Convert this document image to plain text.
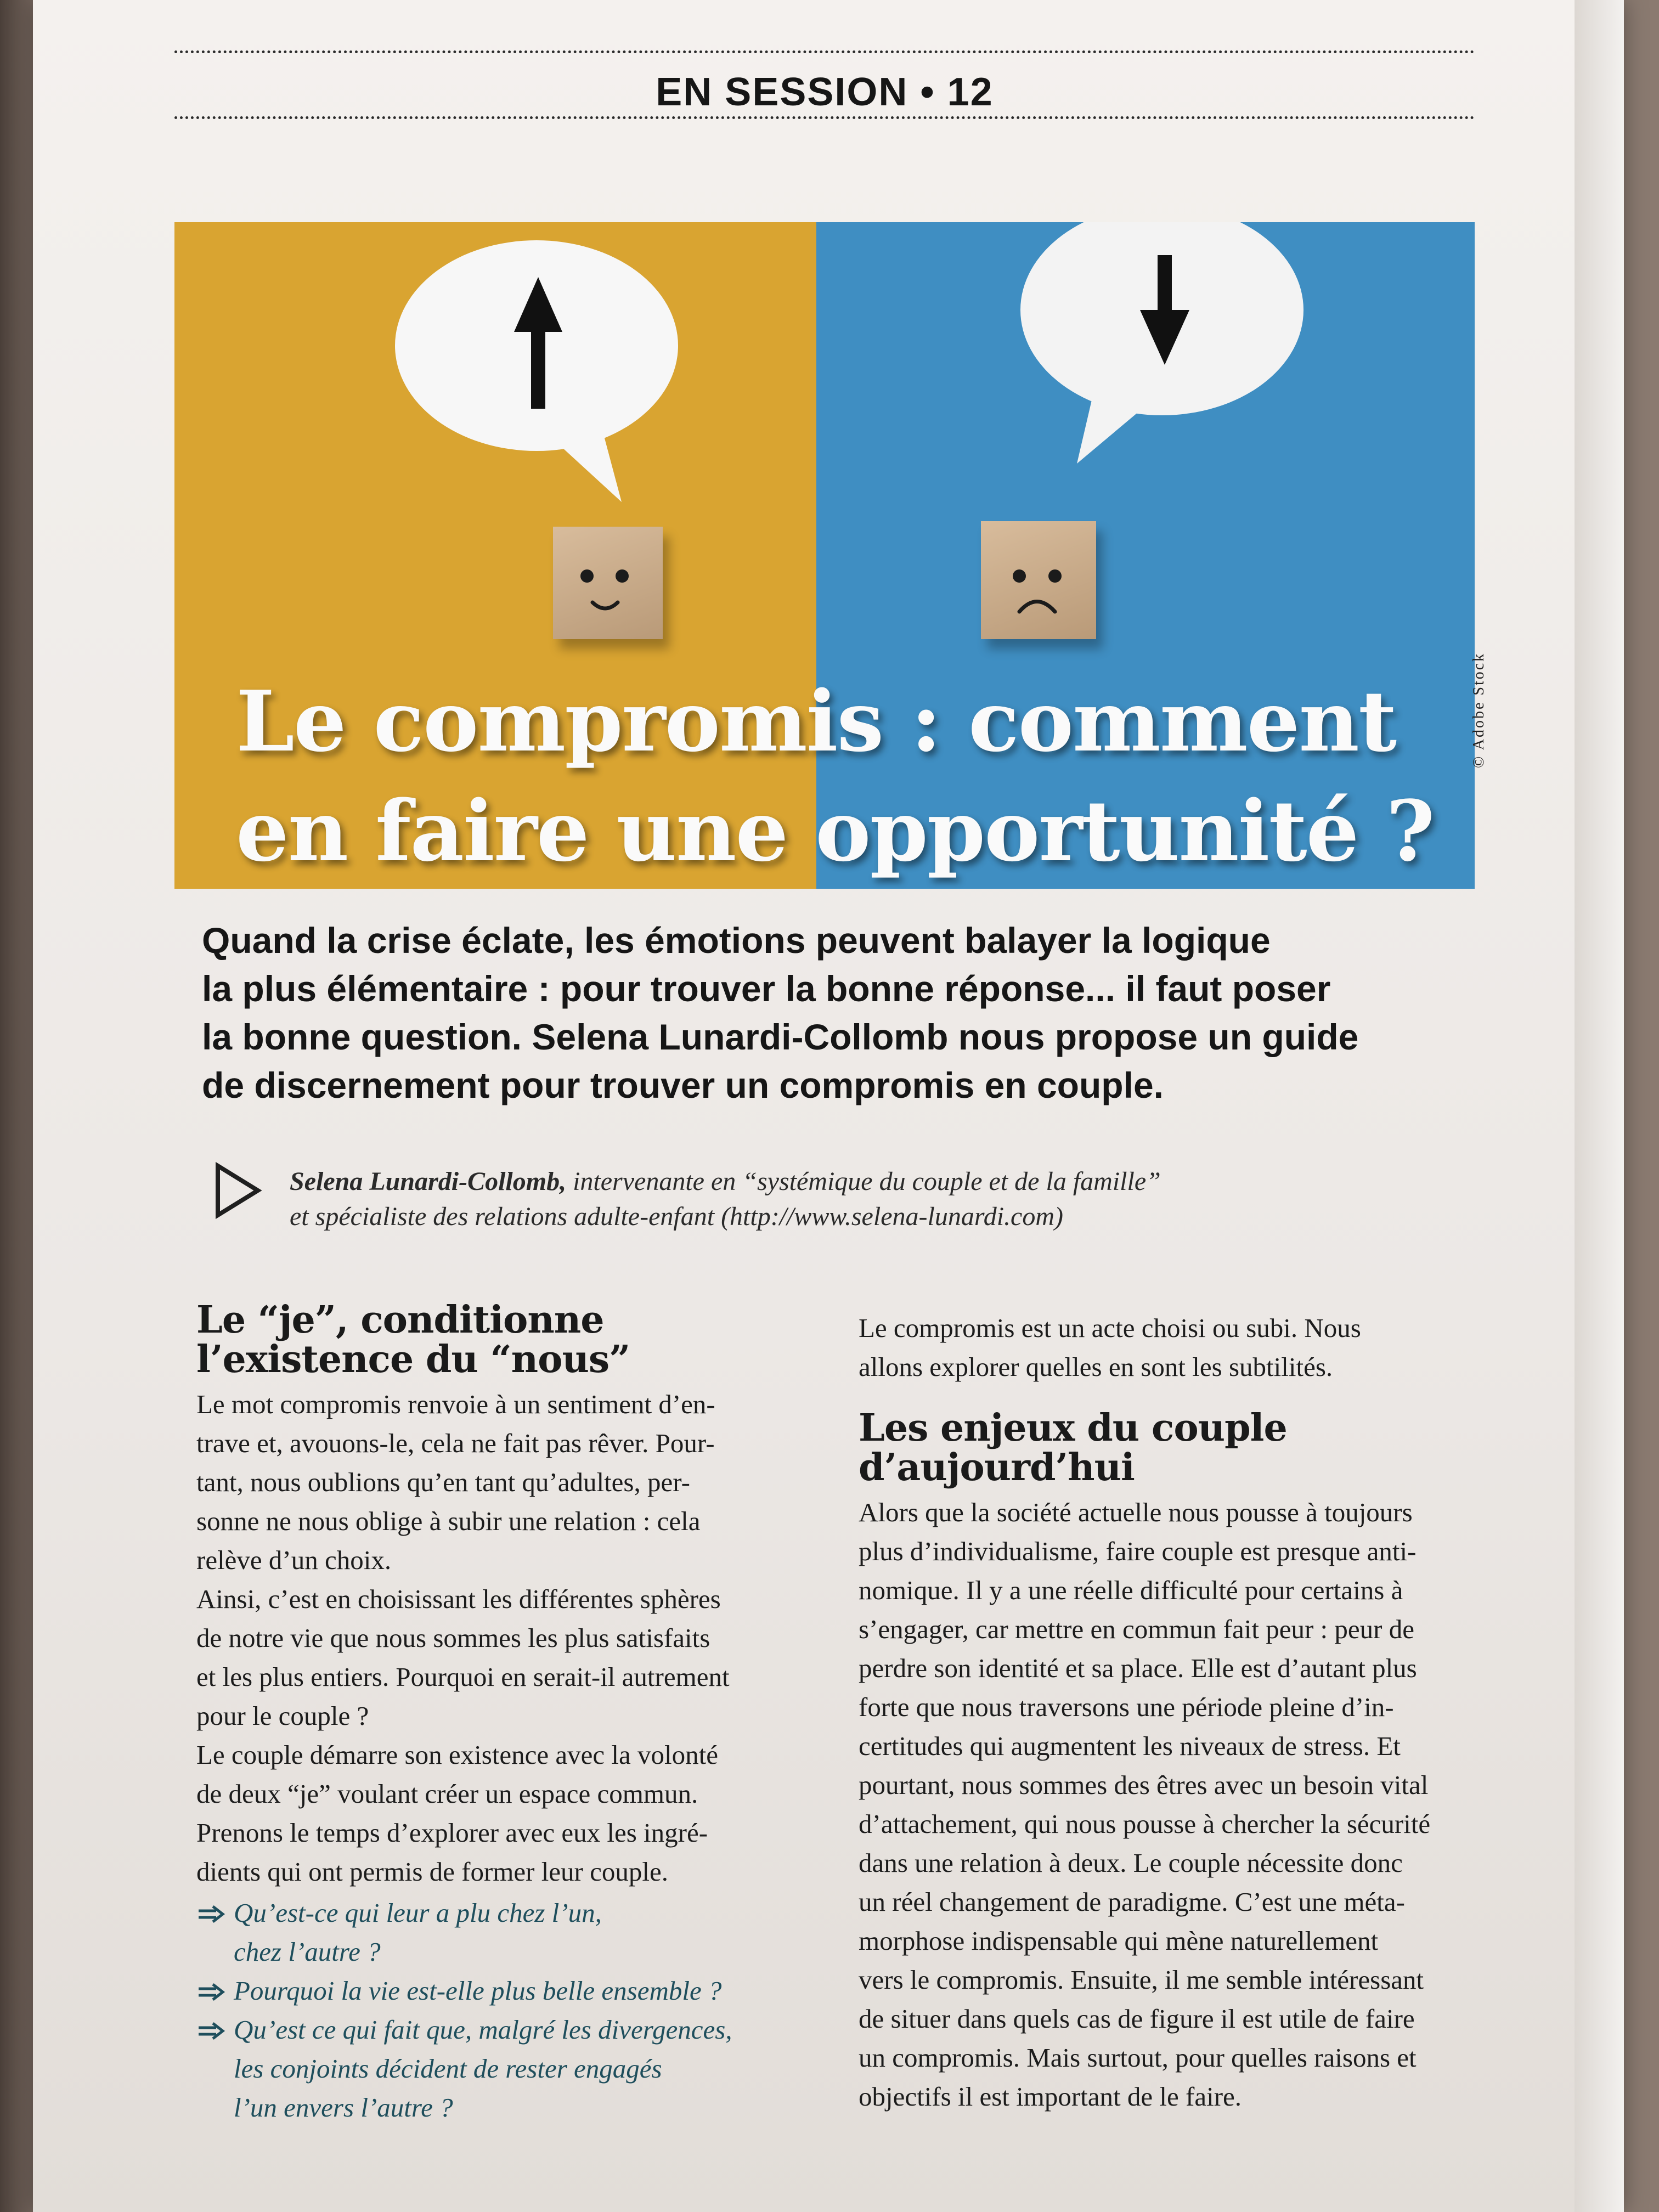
EN SESSION • 12
Le compromis : comment
en faire une opportunité ?
© Adobe Stock
Quand la crise éclate, les émotions peuvent balayer la logique
la plus élémentaire : pour trouver la bonne réponse... il faut poser
la bonne question. Selena Lunardi-Collomb nous propose un guide
de discernement pour trouver un compromis en couple.
Selena Lunardi-Collomb, intervenante en “systémique du couple et de la famille”
et spécialiste des relations adulte-enfant (http://www.selena-lunardi.com)
Le “je”, conditionne
l’existence du “nous”

Le mot compromis renvoie à un sentiment d’en-
trave et, avouons-le, cela ne fait pas rêver. Pour-
tant, nous oublions qu’en tant qu’adultes, per-
sonne ne nous oblige à subir une relation : cela
relève d’un choix.

Ainsi, c’est en choisissant les différentes sphères
de notre vie que nous sommes les plus satisfaits
et les plus entiers. Pourquoi en serait-il autrement
pour le couple ?

Le couple démarre son existence avec la volonté
de deux “je” voulant créer un espace commun.
Prenons le temps d’explorer avec eux les ingré-
dients qui ont permis de former leur couple.

Qu’est-ce qui leur a plu chez l’un,
chez l’autre ?
Pourquoi la vie est-elle plus belle ensemble ?
Qu’est ce qui fait que, malgré les divergences,
les conjoints décident de rester engagés
l’un envers l’autre ?

Le compromis est un acte choisi ou subi. Nous
allons explorer quelles en sont les subtilités.

Les enjeux du couple
d’aujourd’hui

Alors que la société actuelle nous pousse à toujours
plus d’individualisme, faire couple est presque anti-
nomique. Il y a une réelle difficulté pour certains à
s’engager, car mettre en commun fait peur : peur de
perdre son identité et sa place. Elle est d’autant plus
forte que nous traversons une période pleine d’in-
certitudes qui augmentent les niveaux de stress. Et
pourtant, nous sommes des êtres avec un besoin vital
d’attachement, qui nous pousse à chercher la sécurité
dans une relation à deux. Le couple nécessite donc
un réel changement de paradigme. C’est une méta-
morphose indispensable qui mène naturellement
vers le compromis. Ensuite, il me semble intéressant
de situer dans quels cas de figure il est utile de faire
un compromis. Mais surtout, pour quelles raisons et
objectifs il est important de le faire.
